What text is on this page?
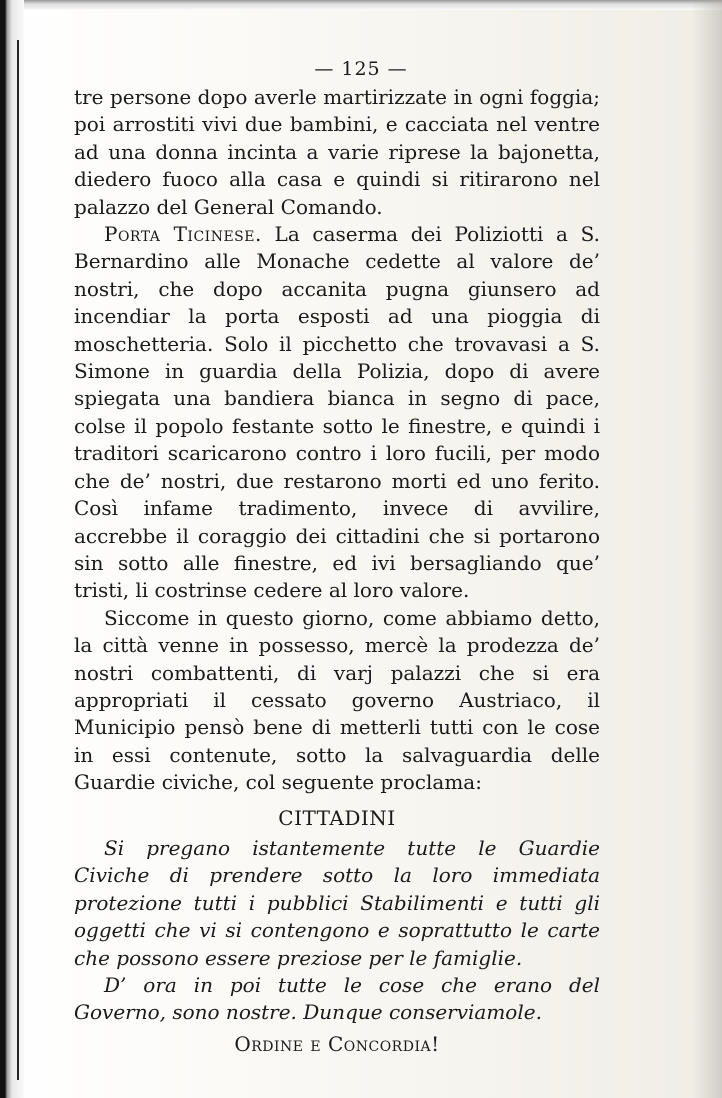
— 125 —

tre persone dopo averle martirizzate in ogni foggia; poi arrostiti vivi due bambini, e cacciata nel ventre ad una donna incinta a varie riprese la bajonetta, diedero fuoco alla casa e quindi si ritirarono nel palazzo del General Comando.

Porta Ticinese. La caserma dei Poliziotti a S. Bernardino alle Monache cedette al valore de’ nostri, che dopo accanita pugna giunsero ad incendiar la porta esposti ad una pioggia di moschetteria. Solo il picchetto che trovavasi a S. Simone in guardia della Polizia, dopo di avere spiegata una bandiera bianca in segno di pace, colse il popolo festante sotto le finestre, e quindi i traditori scaricarono contro i loro fucili, per modo che de’ nostri, due restarono morti ed uno ferito. Così infame tradimento, invece di avvilire, accrebbe il coraggio dei cittadini che si portarono sin sotto alle finestre, ed ivi bersagliando que’ tristi, li costrinse cedere al loro valore.

Siccome in questo giorno, come abbiamo detto, la città venne in possesso, mercè la prodezza de’ nostri combattenti, di varj palazzi che si era appropriati il cessato governo Austriaco, il Municipio pensò bene di metterli tutti con le cose in essi contenute, sotto la salvaguardia delle Guardie civiche, col seguente proclama:

CITTADINI

Si pregano istantemente tutte le Guardie Civiche di prendere sotto la loro immediata protezione tutti i pubblici Stabilimenti e tutti gli oggetti che vi si contengono e soprattutto le carte che possono essere preziose per le famiglie.

D’ ora in poi tutte le cose che erano del Governo, sono nostre. Dunque conserviamole.

Ordine e Concordia!
